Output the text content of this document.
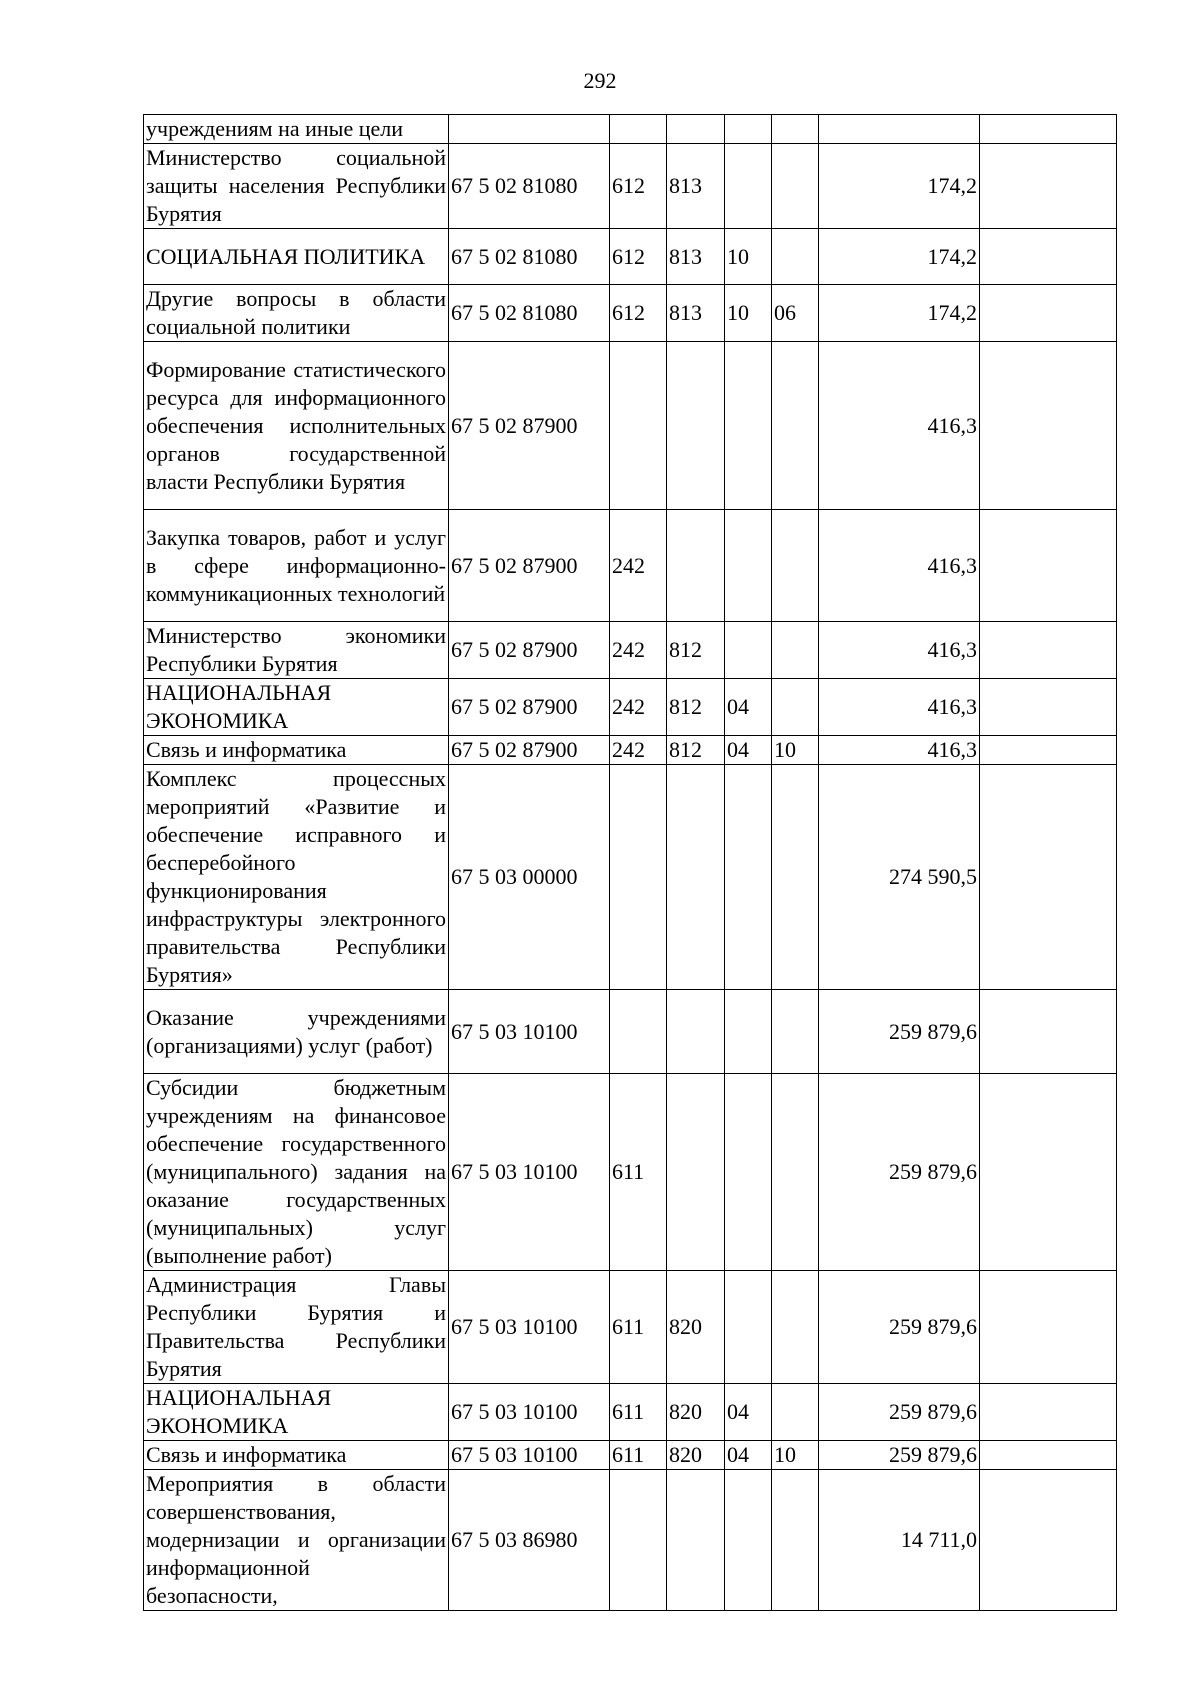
292
учреждениям на иные цели							
Министерство социальной защиты населения Республики Бурятия	67 5 02 81080	612	813			174,2	
СОЦИАЛЬНАЯ ПОЛИТИКА	67 5 02 81080	612	813	10		174,2	
Другие вопросы в области социальной политики	67 5 02 81080	612	813	10	06	174,2	
Формирование статистического ресурса для информационного обеспечения исполнительных органов государственной власти Республики Бурятия	67 5 02 87900					416,3	
Закупка товаров, работ и услуг в сфере информационно-коммуникационных технологий	67 5 02 87900	242				416,3	
Министерство экономики Республики Бурятия	67 5 02 87900	242	812			416,3	
НАЦИОНАЛЬНАЯ ЭКОНОМИКА	67 5 02 87900	242	812	04		416,3	
Связь и информатика	67 5 02 87900	242	812	04	10	416,3	
Комплекс процессных мероприятий «Развитие и обеспечение исправного и бесперебойного функционирования инфраструктуры электронного правительства Республики Бурятия»	67 5 03 00000					274 590,5	
Оказание учреждениями (организациями) услуг (работ)	67 5 03 10100					259 879,6	
Субсидии бюджетным учреждениям на финансовое обеспечение государственного (муниципального) задания на оказание государственных (муниципальных) услуг (выполнение работ)	67 5 03 10100	611				259 879,6	
Администрация Главы Республики Бурятия и Правительства Республики Бурятия	67 5 03 10100	611	820			259 879,6	
НАЦИОНАЛЬНАЯ ЭКОНОМИКА	67 5 03 10100	611	820	04		259 879,6	
Связь и информатика	67 5 03 10100	611	820	04	10	259 879,6	
Мероприятия в области совершенствования, модернизации и организации информационной безопасности,	67 5 03 86980					14 711,0	
